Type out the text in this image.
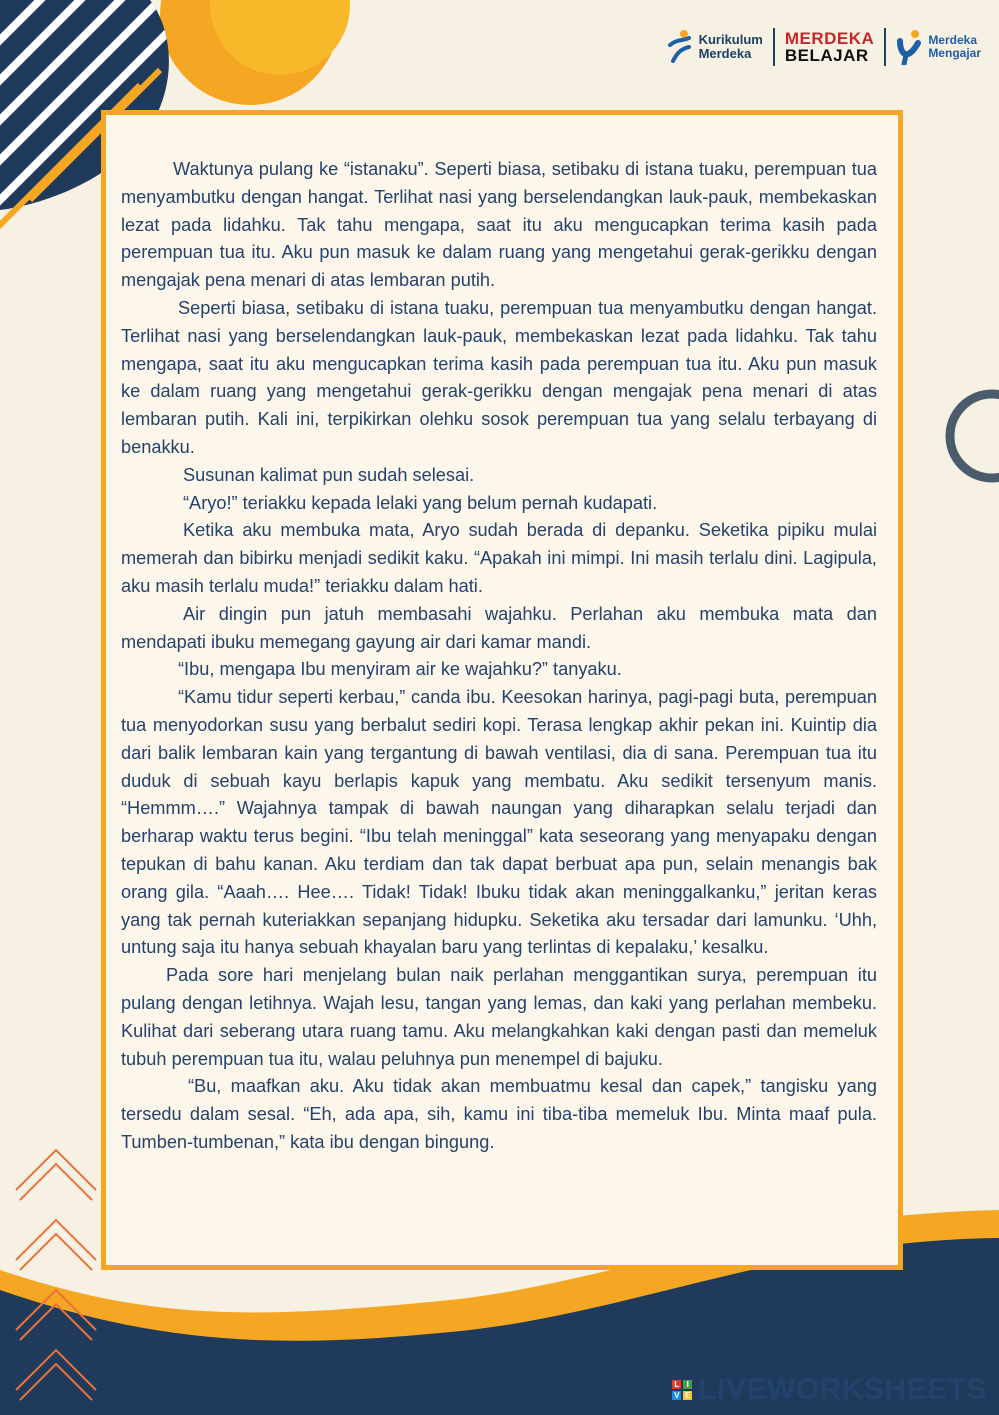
Kurikulum
Merdeka
MERDEKA
BELAJAR
Merdeka
Mengajar

Waktunya pulang ke “istanaku”. Seperti biasa, setibaku di istana tuaku, perempuan tua menyambutku dengan hangat. Terlihat nasi yang berselendangkan lauk-pauk, membekaskan lezat pada lidahku. Tak tahu mengapa, saat itu aku mengucapkan terima kasih pada perempuan tua itu. Aku pun masuk ke dalam ruang yang mengetahui gerak-gerikku dengan mengajak pena menari di atas lembaran putih.

Seperti biasa, setibaku di istana tuaku, perempuan tua menyambutku dengan hangat. Terlihat nasi yang berselendangkan lauk-pauk, membekaskan lezat pada lidahku. Tak tahu mengapa, saat itu aku mengucapkan terima kasih pada perempuan tua itu. Aku pun masuk ke dalam ruang yang mengetahui gerak-gerikku dengan mengajak pena menari di atas lembaran putih. Kali ini, terpikirkan olehku sosok perempuan tua yang selalu terbayang di benakku.

Susunan kalimat pun sudah selesai.

“Aryo!” teriakku kepada lelaki yang belum pernah kudapati.

Ketika aku membuka mata, Aryo sudah berada di depanku. Seketika pipiku mulai memerah dan bibirku menjadi sedikit kaku. “Apakah ini mimpi. Ini masih terlalu dini. Lagipula, aku masih terlalu muda!” teriakku dalam hati.

Air dingin pun jatuh membasahi wajahku. Perlahan aku membuka mata dan mendapati ibuku memegang gayung air dari kamar mandi.

“Ibu, mengapa Ibu menyiram air ke wajahku?” tanyaku.

“Kamu tidur seperti kerbau,” canda ibu. Keesokan harinya, pagi-pagi buta, perempuan tua menyodorkan susu yang berbalut sediri kopi. Terasa lengkap akhir pekan ini. Kuintip dia dari balik lembaran kain yang tergantung di bawah ventilasi, dia di sana. Perempuan tua itu duduk di sebuah kayu berlapis kapuk yang membatu. Aku sedikit tersenyum manis. “Hemmm….” Wajahnya tampak di bawah naungan yang diharapkan selalu terjadi dan berharap waktu terus begini. “Ibu telah meninggal” kata seseorang yang menyapaku dengan tepukan di bahu kanan. Aku terdiam dan tak dapat berbuat apa pun, selain menangis bak orang gila. “Aaah…. Hee…. Tidak! Tidak! Ibuku tidak akan meninggalkanku,” jeritan keras yang tak pernah kuteriakkan sepanjang hidupku. Seketika aku tersadar dari lamunku. ‘Uhh, untung saja itu hanya sebuah khayalan baru yang terlintas di kepalaku,’ kesalku.

Pada sore hari menjelang bulan naik perlahan menggantikan surya, perempuan itu pulang dengan letihnya. Wajah lesu, tangan yang lemas, dan kaki yang perlahan membeku. Kulihat dari seberang utara ruang tamu. Aku melangkahkan kaki dengan pasti dan memeluk tubuh perempuan tua itu, walau peluhnya pun menempel di bajuku.

“Bu, maafkan aku. Aku tidak akan membuatmu kesal dan capek,” tangisku yang tersedu dalam sesal. “Eh, ada apa, sih, kamu ini tiba-tiba memeluk Ibu. Minta maaf pula. Tumben-tumbenan,” kata ibu dengan bingung.

L I
V E LIVEWORKSHEETS
